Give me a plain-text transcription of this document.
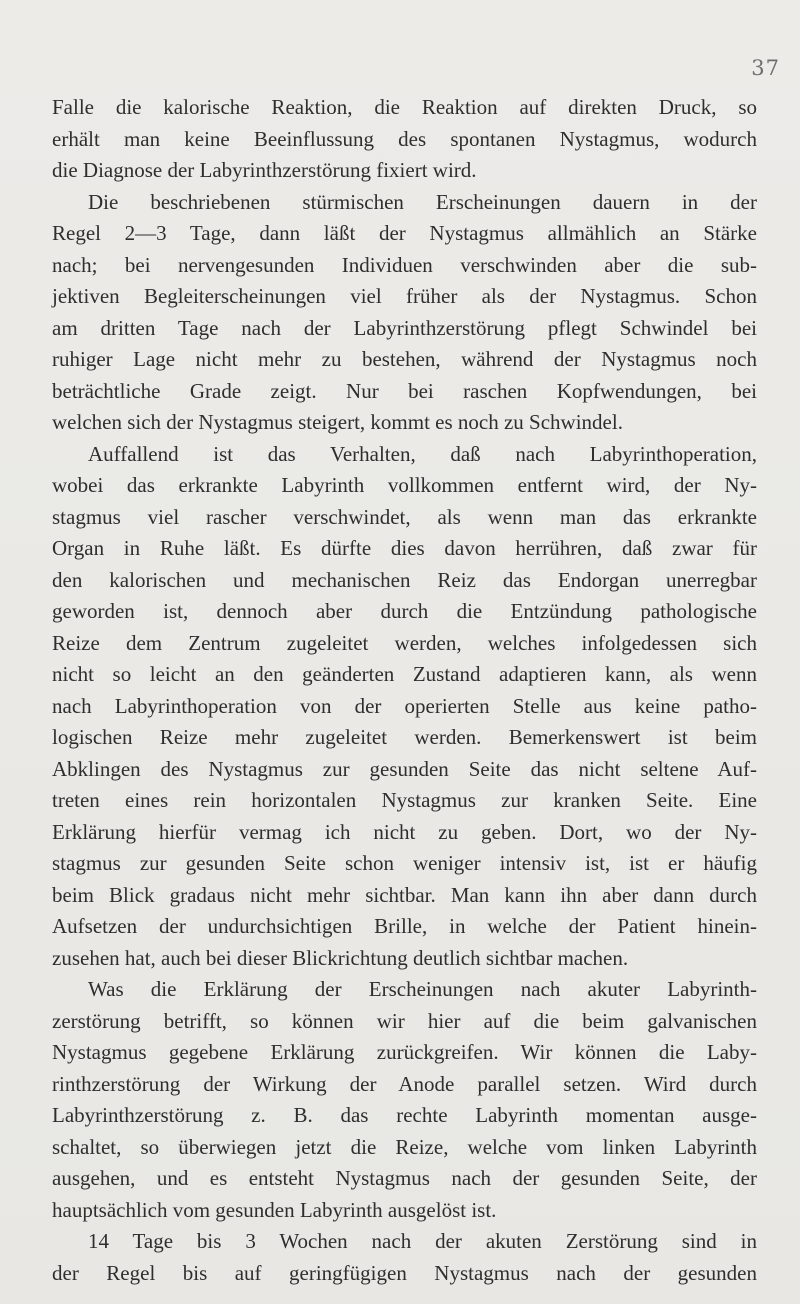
37
Falle die kalorische Reaktion, die Reaktion auf direkten Druck, so
erhält man keine Beeinflussung des spontanen Nystagmus, wodurch
die Diagnose der Labyrinthzerstörung fixiert wird.
Die beschriebenen stürmischen Erscheinungen dauern in der
Regel 2—3 Tage, dann läßt der Nystagmus allmählich an Stärke
nach; bei nervengesunden Individuen verschwinden aber die sub-
jektiven Begleiterscheinungen viel früher als der Nystagmus. Schon
am dritten Tage nach der Labyrinthzerstörung pflegt Schwindel bei
ruhiger Lage nicht mehr zu bestehen, während der Nystagmus noch
beträchtliche Grade zeigt. Nur bei raschen Kopfwendungen, bei
welchen sich der Nystagmus steigert, kommt es noch zu Schwindel.
Auffallend ist das Verhalten, daß nach Labyrinthoperation,
wobei das erkrankte Labyrinth vollkommen entfernt wird, der Ny-
stagmus viel rascher verschwindet, als wenn man das erkrankte
Organ in Ruhe läßt. Es dürfte dies davon herrühren, daß zwar für
den kalorischen und mechanischen Reiz das Endorgan unerregbar
geworden ist, dennoch aber durch die Entzündung pathologische
Reize dem Zentrum zugeleitet werden, welches infolgedessen sich
nicht so leicht an den geänderten Zustand adaptieren kann, als wenn
nach Labyrinthoperation von der operierten Stelle aus keine patho-
logischen Reize mehr zugeleitet werden. Bemerkenswert ist beim
Abklingen des Nystagmus zur gesunden Seite das nicht seltene Auf-
treten eines rein horizontalen Nystagmus zur kranken Seite. Eine
Erklärung hierfür vermag ich nicht zu geben. Dort, wo der Ny-
stagmus zur gesunden Seite schon weniger intensiv ist, ist er häufig
beim Blick gradaus nicht mehr sichtbar. Man kann ihn aber dann durch
Aufsetzen der undurchsichtigen Brille, in welche der Patient hinein-
zusehen hat, auch bei dieser Blickrichtung deutlich sichtbar machen.
Was die Erklärung der Erscheinungen nach akuter Labyrinth-
zerstörung betrifft, so können wir hier auf die beim galvanischen
Nystagmus gegebene Erklärung zurückgreifen. Wir können die Laby-
rinthzerstörung der Wirkung der Anode parallel setzen. Wird durch
Labyrinthzerstörung z. B. das rechte Labyrinth momentan ausge-
schaltet, so überwiegen jetzt die Reize, welche vom linken Labyrinth
ausgehen, und es entsteht Nystagmus nach der gesunden Seite, der
hauptsächlich vom gesunden Labyrinth ausgelöst ist.
14 Tage bis 3 Wochen nach der akuten Zerstörung sind in
der Regel bis auf geringfügigen Nystagmus nach der gesunden
